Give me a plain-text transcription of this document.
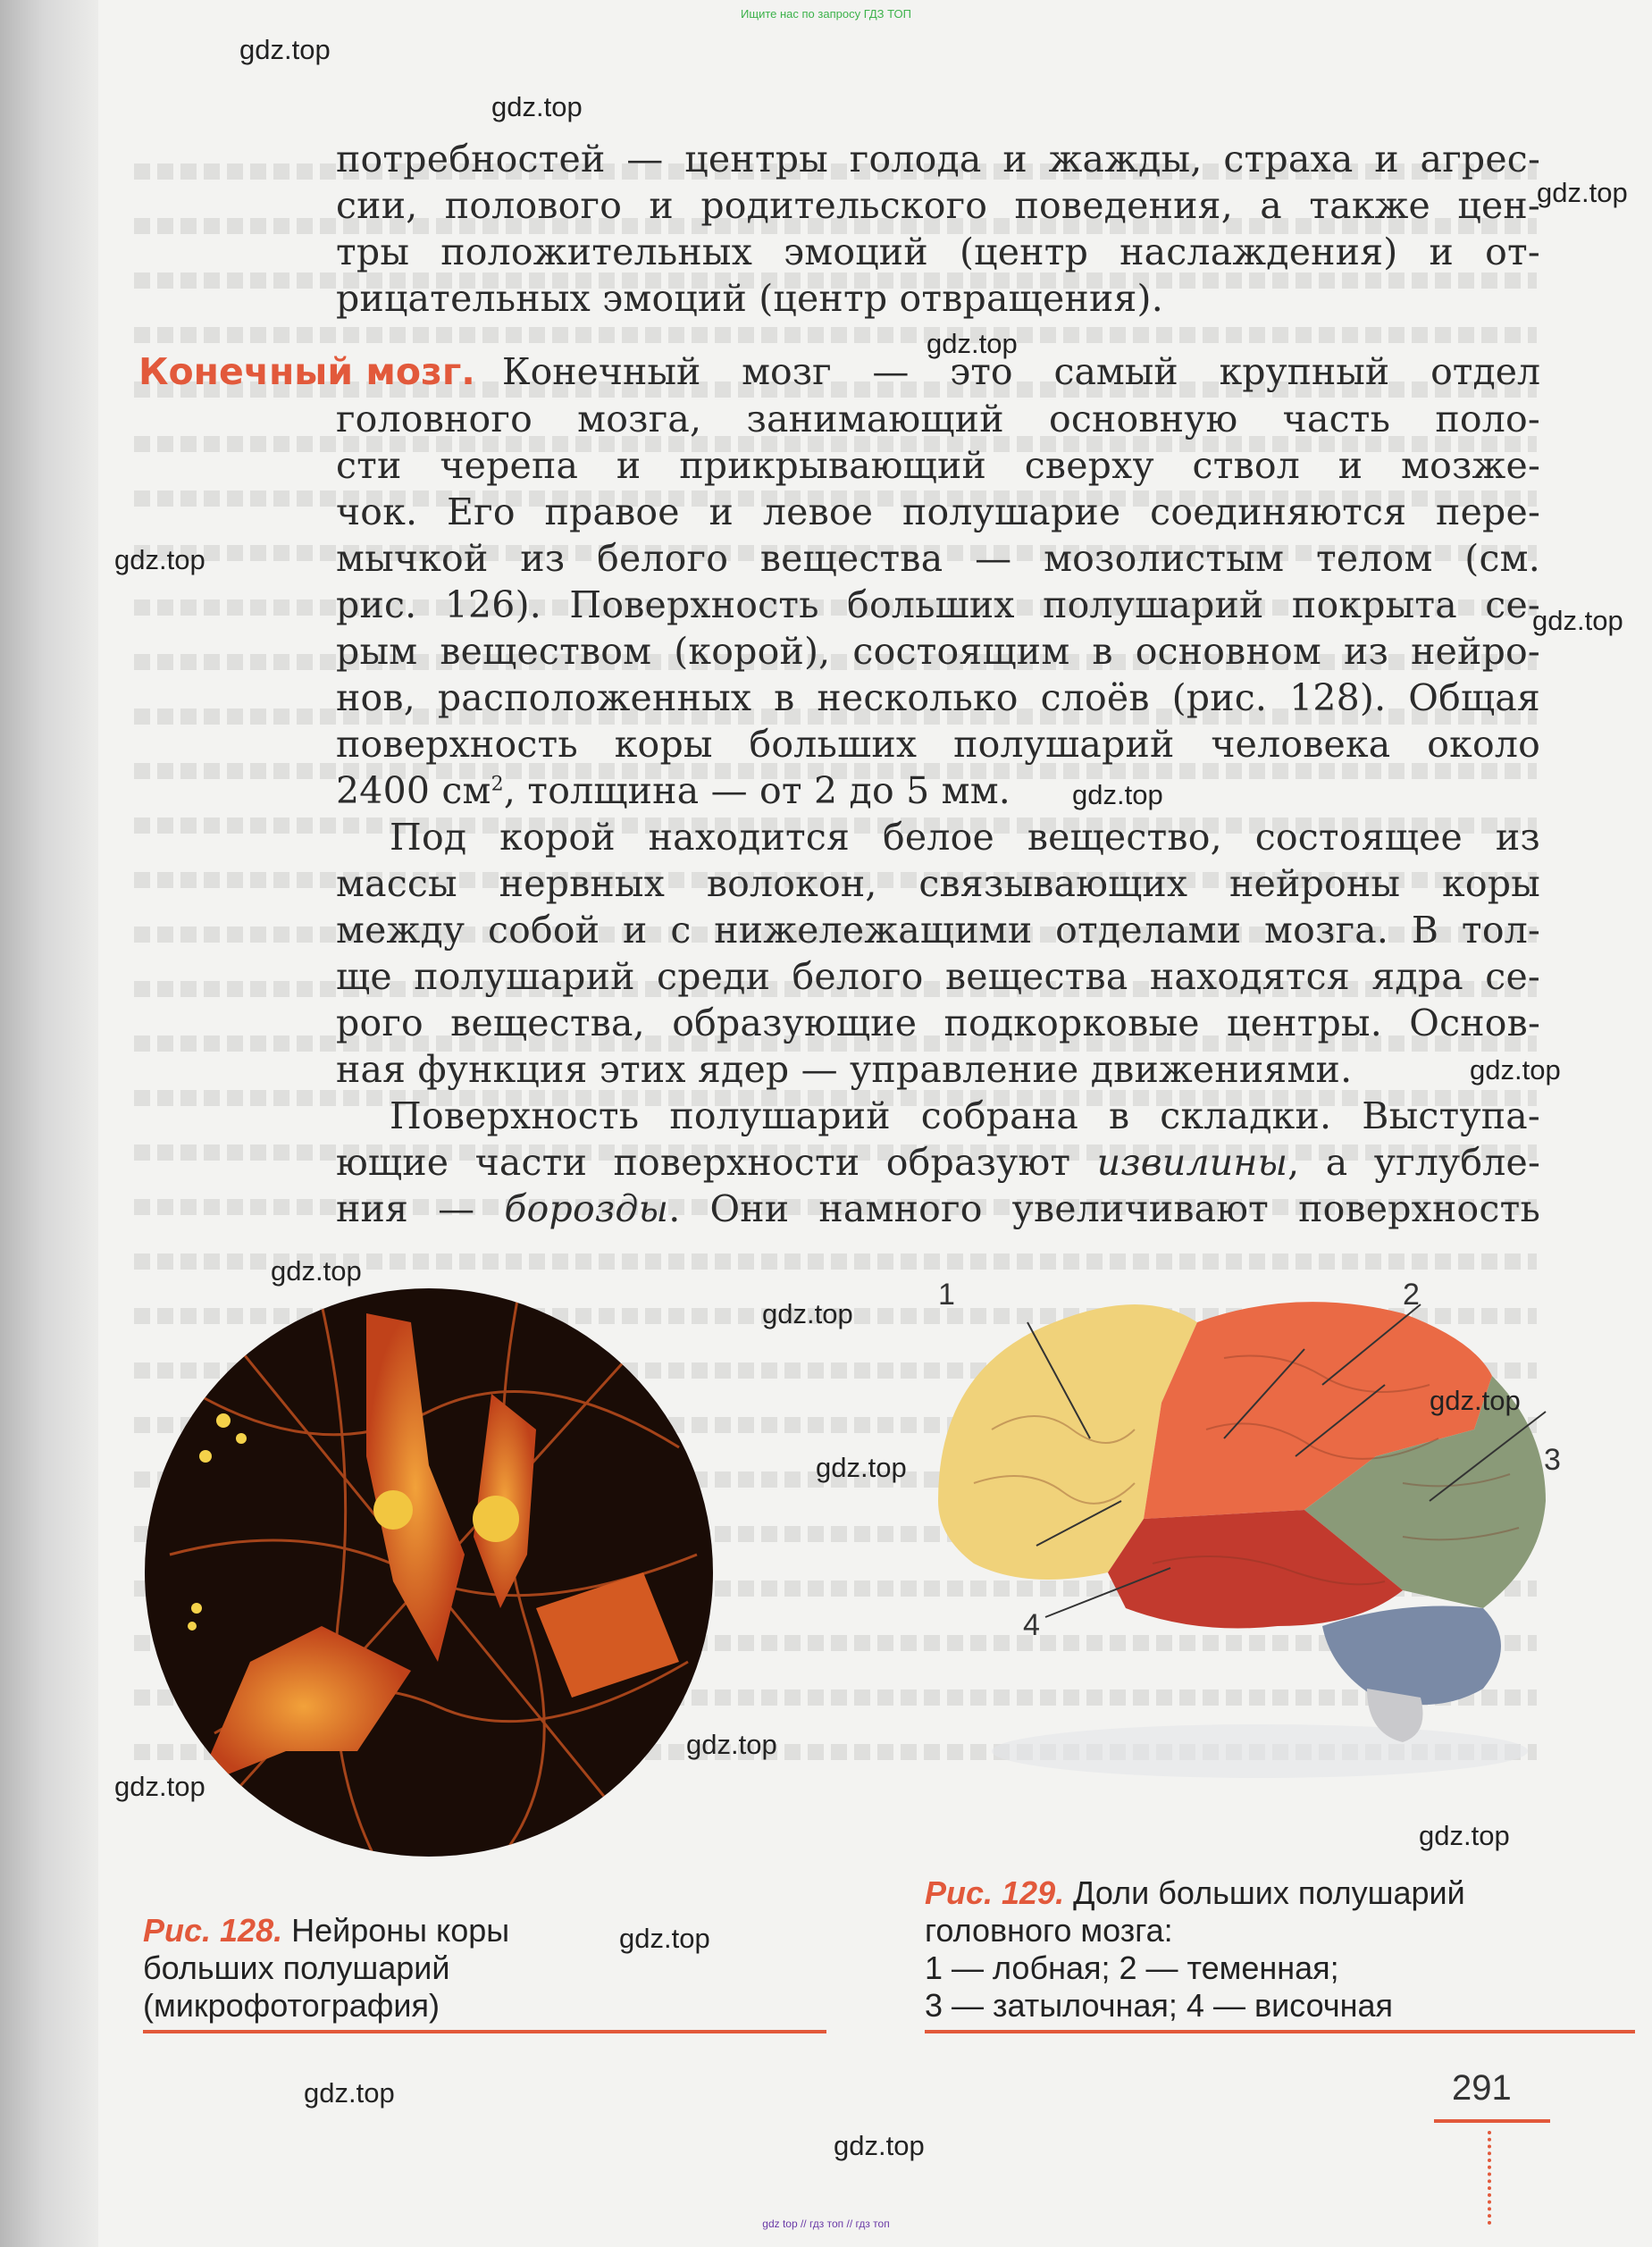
Ищите нас по запросу ГДЗ ТОП

потребностей — центры голода и жажды, страха и агрес-

сии, полового и родительского поведения, а также цен-

тры положительных эмоций (центр наслаждения) и от-

рицательных эмоций (центр отвращения).

Конечный мозг. Конечный мозг — это самый крупный отдел

головного мозга, занимающий основную часть поло-

сти черепа и прикрывающий сверху ствол и мозже-

чок. Его правое и левое полушарие соединяются пере-

мычкой из белого вещества — мозолистым телом (см.

рис. 126). Поверхность больших полушарий покрыта се-

рым веществом (корой), состоящим в основном из нейро-

нов, расположенных в несколько слоёв (рис. 128). Общая

поверхность коры больших полушарий человека около

2400 $см^2$, толщина — от 2 до 5 мм.

Под корой находится белое вещество, состоящее из

массы нервных волокон, связывающих нейроны коры

между собой и с нижележащими отделами мозга. В тол-

ще полушарий среди белого вещества находятся ядра се-

рого вещества, образующие подкорковые центры. Основ-

ная функция этих ядер — управление движениями.

Поверхность полушарий собрана в складки. Выступа-

ющие части поверхности образуют извилины, а углубле-

ния — борозды. Они намного увеличивают поверхность

1	2
3
4
Рис. 128. Нейроны коры
больших полушарий
(микрофотография)
Рис. 129. Доли больших полушарий
головного мозга:
1 — лобная; 2 — теменная;
3 — затылочная; 4 — височная
291
gdz.top
gdz.top
gdz.top
gdz.top
gdz.top
gdz.top
gdz.top
gdz.top
gdz.top
gdz.top
gdz.top
gdz.top
gdz.top
gdz.top
gdz.top
gdz.top
gdz.top
gdz.top
gdz top // гдз топ // гдз топ
